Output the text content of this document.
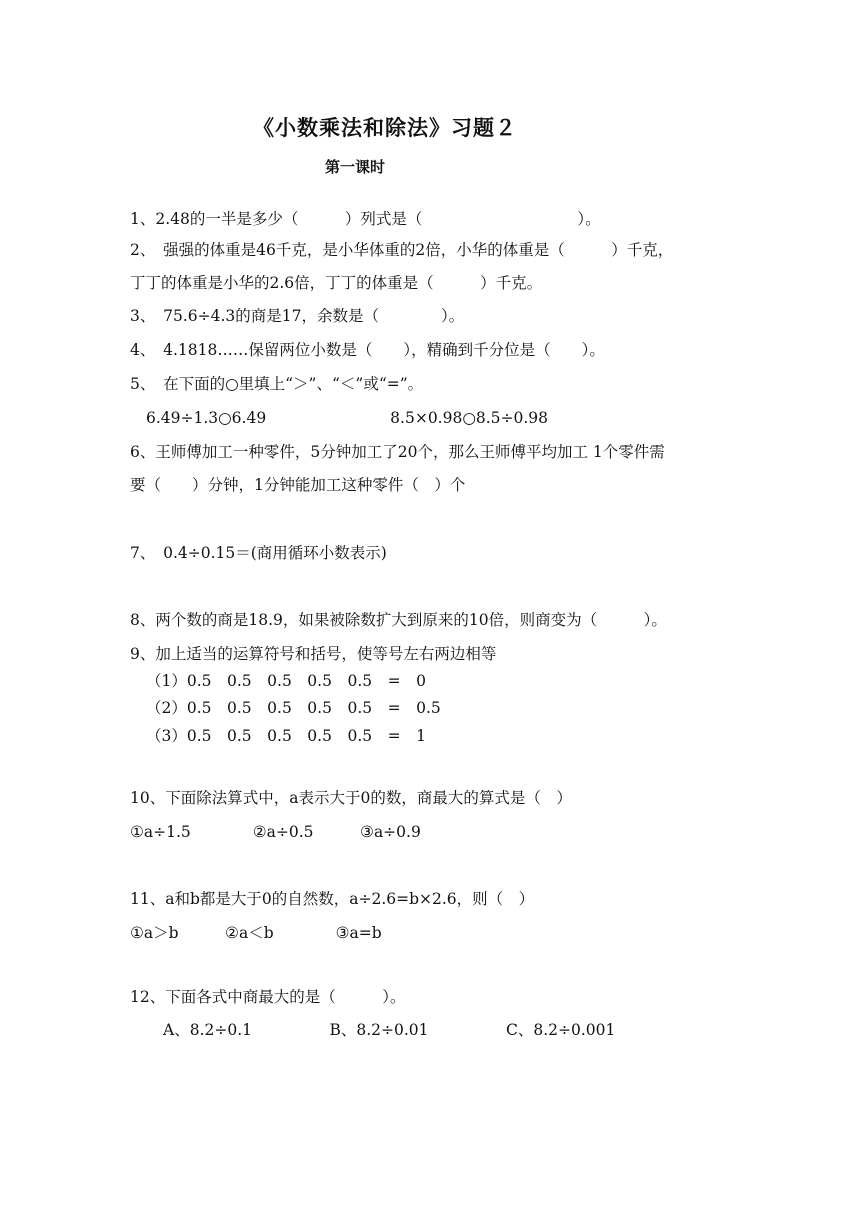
《小数乘法和除法》习题２
第一课时
1、2.48的一半是多少（　　　）列式是（　　　　　　　　　　）。
2、　强强的体重是46千克，是小华体重的2倍，小华的体重是（　　　）千克，
丁丁的体重是小华的2.6倍，丁丁的体重是（　　　）千克。
3、　75.6÷4.3的商是17，余数是（　　　　）。
4、　4.1818……保留两位小数是（　　），精确到千分位是（　　）。
5、　在下面的○里填上“＞”、“＜”或“=”。
6.49÷1.3○6.49　　　　　　　　8.5×0.98○8.5÷0.98
6、王师傅加工一种零件，5分钟加工了20个，那么王师傅平均加工 1个零件需
要（　　）分钟，1分钟能加工这种零件（　）个
7、　0.4÷0.15＝(商用循环小数表示)
8、两个数的商是18.9，如果被除数扩大到原来的10倍，则商变为（　　　）。
9、加上适当的运算符号和括号，使等号左右两边相等
（1）0.5　0.5　0.5　0.5　0.5　=　0
（2）0.5　0.5　0.5　0.5　0.5　=　0.5
（3）0.5　0.5　0.5　0.5　0.5　=　1
10、下面除法算式中，a表示大于0的数，商最大的算式是（　）
①a÷1.5　　　　②a÷0.5　　　③a÷0.9
11、a和b都是大于0的自然数，a÷2.6=b×2.6，则（　）
①a＞b　　　②a＜b　　　　③a=b
12、下面各式中商最大的是（　　　）。
A、8.2÷0.1　　　　　B、8.2÷0.01　　　　　C、8.2÷0.001
